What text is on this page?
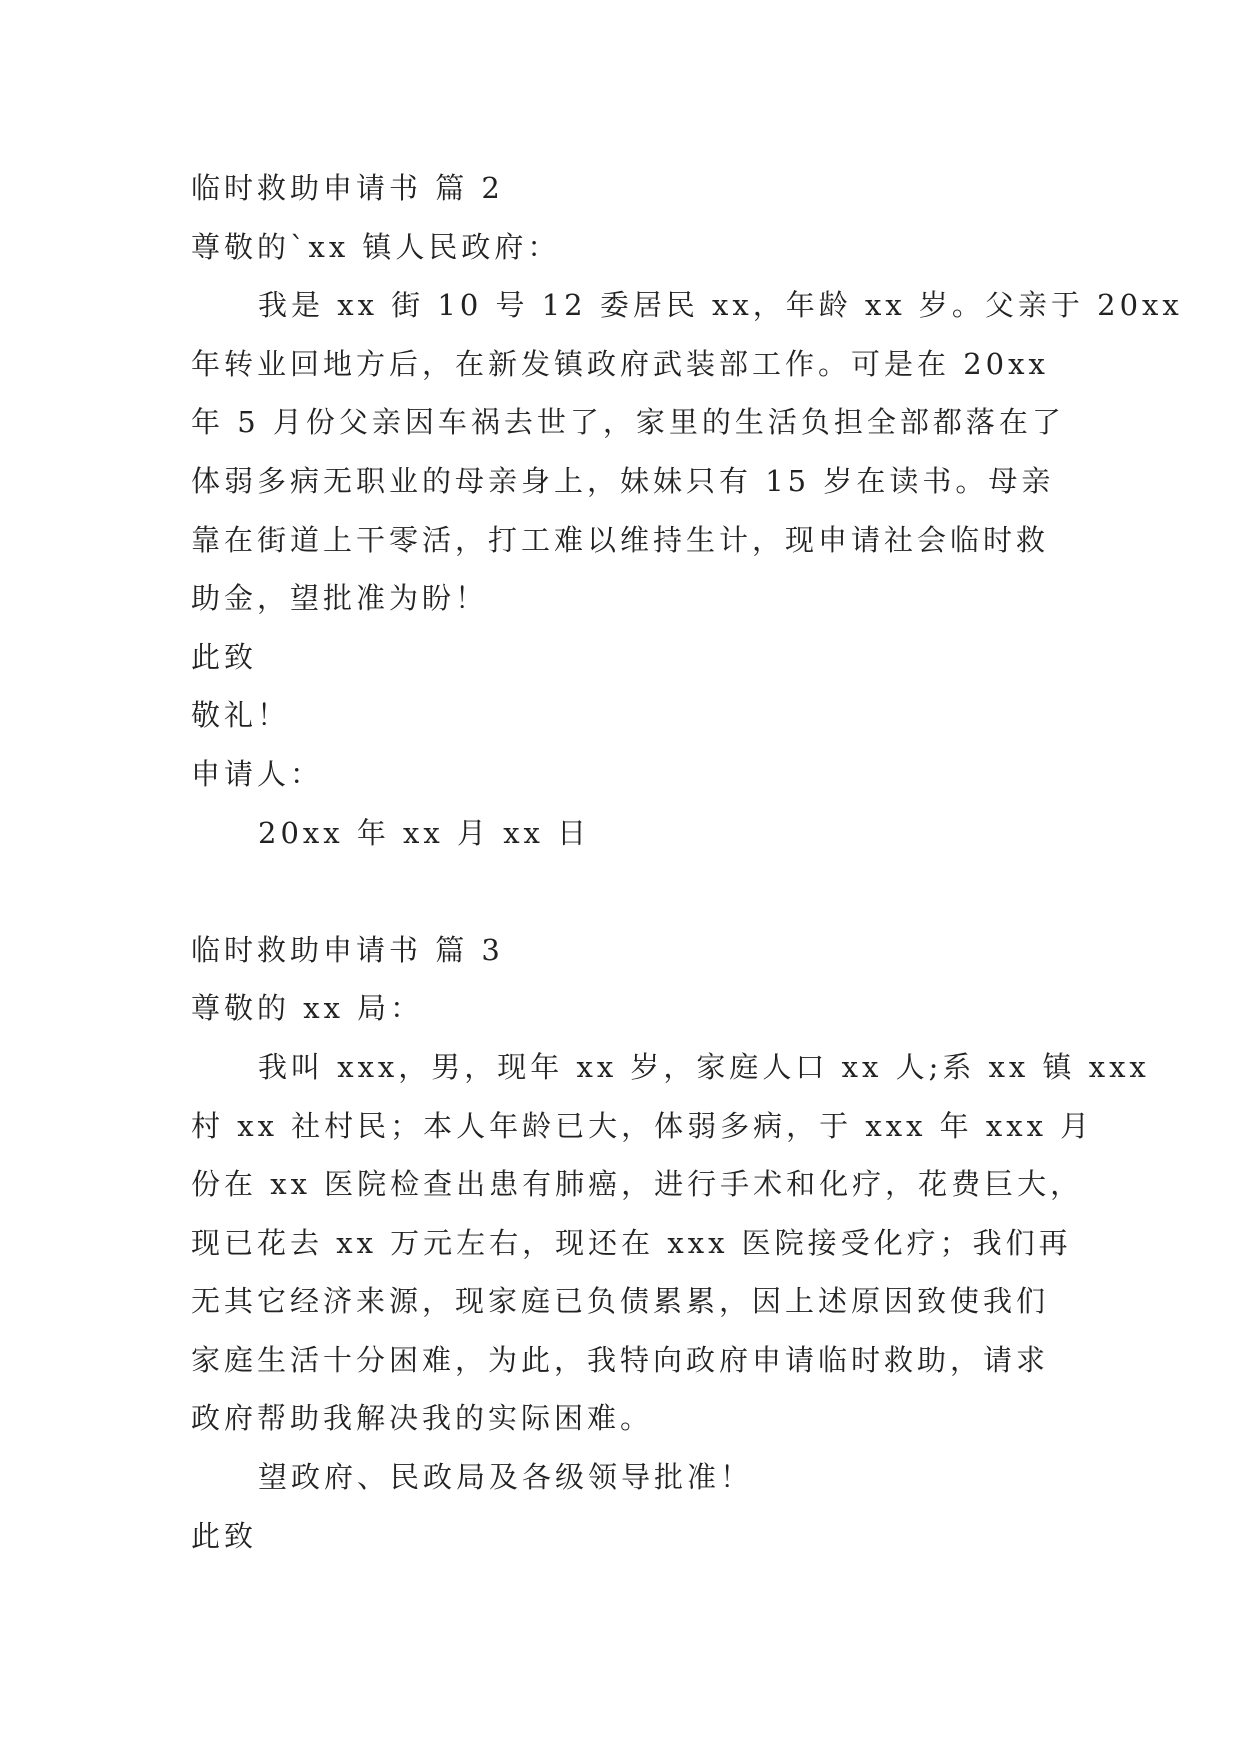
临时救助申请书 篇 2
尊敬的`xx 镇人民政府：
我是 xx 街 10 号 12 委居民 xx，年龄 xx 岁。父亲于 20xx
年转业回地方后，在新发镇政府武装部工作。可是在 20xx
年 5 月份父亲因车祸去世了，家里的生活负担全部都落在了
体弱多病无职业的母亲身上，妹妹只有 15 岁在读书。母亲
靠在街道上干零活，打工难以维持生计，现申请社会临时救
助金，望批准为盼！
此致
敬礼！
申请人：
20xx 年 xx 月 xx 日
临时救助申请书 篇 3
尊敬的 xx 局：
我叫 xxx，男，现年 xx 岁，家庭人口 xx 人;系 xx 镇 xxx
村 xx 社村民；本人年龄已大，体弱多病，于 xxx 年 xxx 月
份在 xx 医院检查出患有肺癌，进行手术和化疗，花费巨大，
现已花去 xx 万元左右，现还在 xxx 医院接受化疗；我们再
无其它经济来源，现家庭已负债累累，因上述原因致使我们
家庭生活十分困难，为此，我特向政府申请临时救助，请求
政府帮助我解决我的实际困难。
望政府、民政局及各级领导批准！
此致
